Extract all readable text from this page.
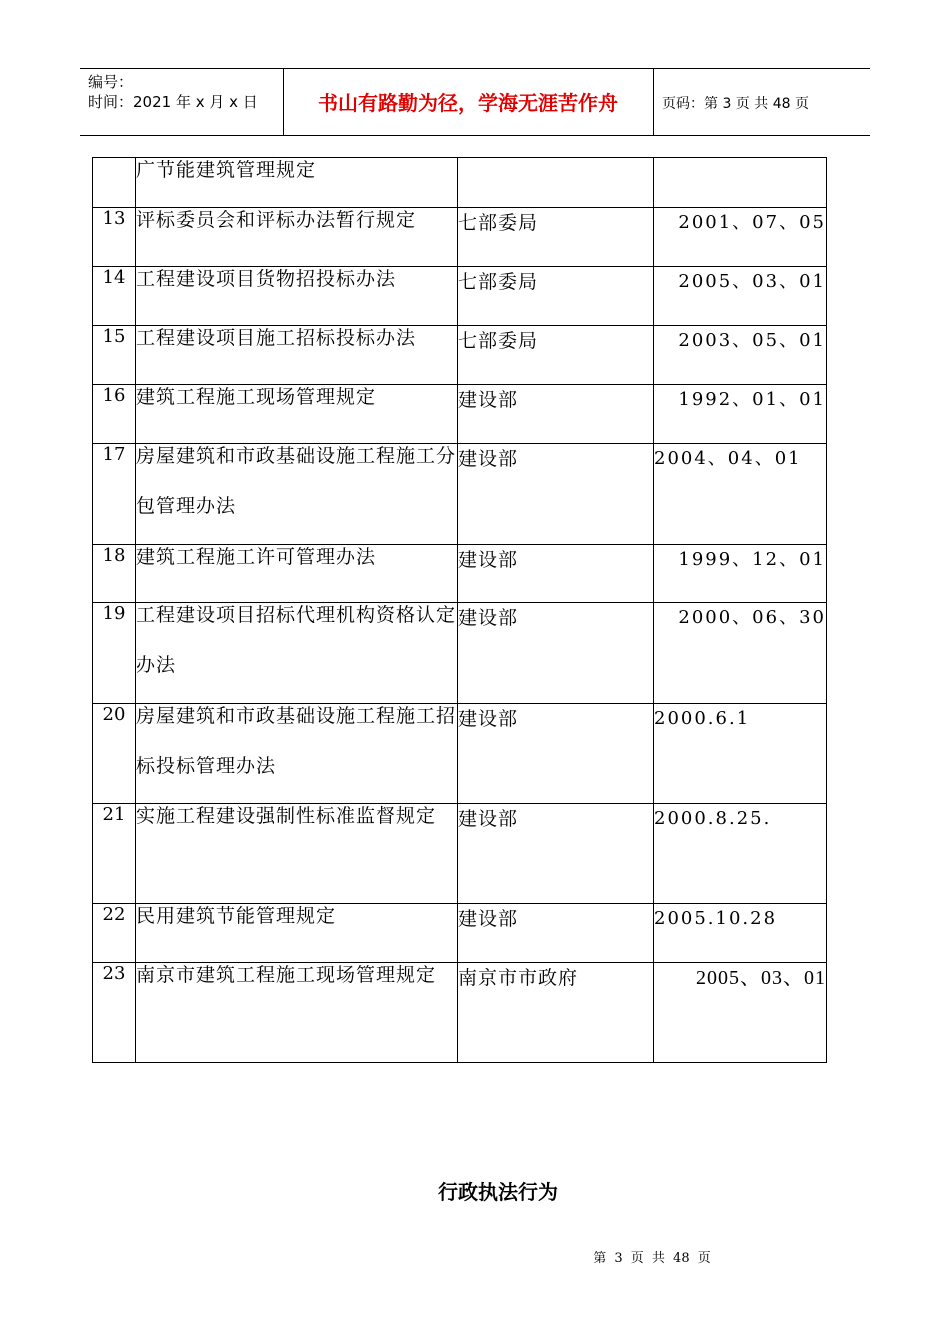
编号：
时间：2021 年 x 月 x 日	书山有路勤为径，学海无涯苦作舟	页码：第 3 页 共 48 页

	广节能建筑管理规定		

13	评标委员会和评标办法暂行规定	七部委局	2001、07、05
14	工程建设项目货物招投标办法	七部委局	2005、03、01
15	工程建设项目施工招标投标办法	七部委局	2003、05、01
16	建筑工程施工现场管理规定	建设部	1992、01、01
17	房屋建筑和市政基础设施工程施工分包管理办法	建设部	2004、04、01
18	建筑工程施工许可管理办法	建设部	1999、12、01
19	工程建设项目招标代理机构资格认定办法	建设部	2000、06、30
20	房屋建筑和市政基础设施工程施工招标投标管理办法	建设部	2000.6.1
21	实施工程建设强制性标准监督规定	建设部	2000.8.25.
22	民用建筑节能管理规定	建设部	2005.10.28
23	南京市建筑工程施工现场管理规定	南京市市政府	2005、03、01
行政执法行为
第 3 页 共 48 页
